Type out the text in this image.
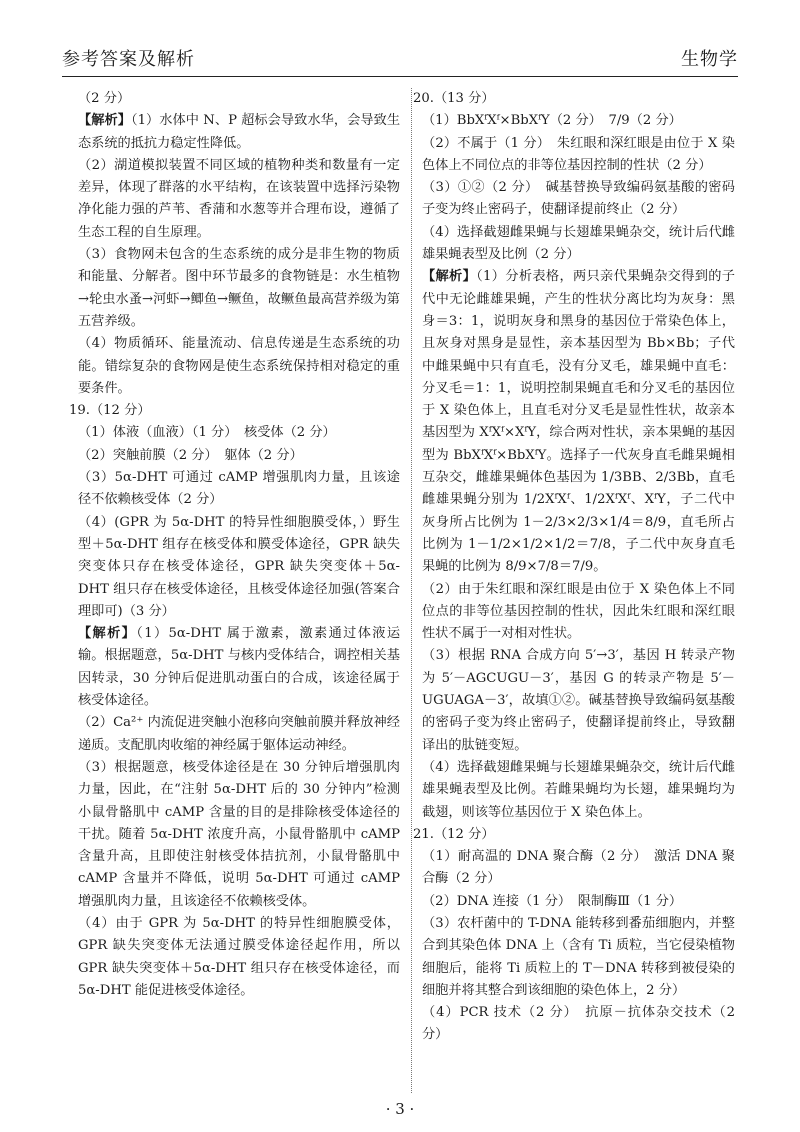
参考答案及解析	生物学

（2 分）

【解析】（1）水体中 N、P 超标会导致水华，会导致生态系统的抵抗力稳定性降低。

（2）湖道模拟装置不同区域的植物种类和数量有一定差异，体现了群落的水平结构，在该装置中选择污染物净化能力强的芦苇、香蒲和水葱等并合理布设，遵循了生态工程的自生原理。

（3）食物网未包含的生态系统的成分是非生物的物质和能量、分解者。图中环节最多的食物链是：水生植物→轮虫水蚤→河虾→鲫鱼→鳜鱼，故鳜鱼最高营养级为第五营养级。

（4）物质循环、能量流动、信息传递是生态系统的功能。错综复杂的食物网是使生态系统保持相对稳定的重要条件。

19.（12 分）

（1）体液（血液）（1 分）　核受体（2 分）

（2）突触前膜（2 分）　躯体（2 分）

（3）5α-DHT 可通过 cAMP 增强肌肉力量，且该途径不依赖核受体（2 分）

（4）(GPR 为 5α-DHT 的特异性细胞膜受体，）野生型＋5α-DHT 组存在核受体和膜受体途径，GPR 缺失突变体只存在核受体途径，GPR 缺失突变体＋5α-DHT 组只存在核受体途径，且核受体途径加强(答案合理即可)（3 分）

【解析】（1）5α-DHT 属于激素，激素通过体液运输。根据题意，5α-DHT 与核内受体结合，调控相关基因转录，30 分钟后促进肌动蛋白的合成，该途径属于核受体途径。

（2）Ca²⁺ 内流促进突触小泡移向突触前膜并释放神经递质。支配肌肉收缩的神经属于躯体运动神经。

（3）根据题意，核受体途径是在 30 分钟后增强肌肉力量，因此，在“注射 5α-DHT 后的 30 分钟内”检测小鼠骨骼肌中 cAMP 含量的目的是排除核受体途径的干扰。随着 5α-DHT 浓度升高，小鼠骨骼肌中 cAMP 含量升高，且即使注射核受体拮抗剂，小鼠骨骼肌中 cAMP 含量并不降低，说明 5α-DHT 可通过 cAMP 增强肌肉力量，且该途径不依赖核受体。

（4）由于 GPR 为 5α-DHT 的特异性细胞膜受体，GPR 缺失突变体无法通过膜受体途径起作用，所以 GPR 缺失突变体＋5α-DHT 组只存在核受体途径，而 5α-DHT 能促进核受体途径。

20.（13 分）

（1）BbXᶠXᶠ×BbXᶠY（2 分）　7/9（2 分）

（2）不属于（1 分）　朱红眼和深红眼是由位于 X 染色体上不同位点的非等位基因控制的性状（2 分）

（3）①②（2 分）　碱基替换导致编码氨基酸的密码子变为终止密码子，使翻译提前终止（2 分）

（4）选择截翅雌果蝇与长翅雄果蝇杂交，统计后代雌雄果蝇表型及比例（2 分）

【解析】（1）分析表格，两只亲代果蝇杂交得到的子代中无论雌雄果蝇，产生的性状分离比均为灰身：黑身＝3：1，说明灰身和黑身的基因位于常染色体上，且灰身对黑身是显性，亲本基因型为 Bb×Bb；子代中雌果蝇中只有直毛，没有分叉毛，雄果蝇中直毛：分叉毛＝1：1，说明控制果蝇直毛和分叉毛的基因位于 X 染色体上，且直毛对分叉毛是显性性状，故亲本基因型为 XᶠXᶠ×XᶠY，综合两对性状，亲本果蝇的基因型为 BbXᶠXᶠ×BbXᶠY。选择子一代灰身直毛雌果蝇相互杂交，雌雄果蝇体色基因为 1/3BB、2/3Bb，直毛雌雄果蝇分别为 1/2XᶠXᶠ、1/2XᶠXᶠ、XᶠY，子二代中灰身所占比例为 1－2/3×2/3×1/4＝8/9，直毛所占比例为 1－1/2×1/2×1/2＝7/8，子二代中灰身直毛果蝇的比例为 8/9×7/8＝7/9。

（2）由于朱红眼和深红眼是由位于 X 染色体上不同位点的非等位基因控制的性状，因此朱红眼和深红眼性状不属于一对相对性状。

（3）根据 RNA 合成方向 5′→3′，基因 H 转录产物为 5′－AGCUGU－3′，基因 G 的转录产物是 5′－UGUAGA－3′，故填①②。碱基替换导致编码氨基酸的密码子变为终止密码子，使翻译提前终止，导致翻译出的肽链变短。

（4）选择截翅雌果蝇与长翅雄果蝇杂交，统计后代雌雄果蝇表型及比例。若雌果蝇均为长翅，雄果蝇均为截翅，则该等位基因位于 X 染色体上。

21.（12 分）

（1）耐高温的 DNA 聚合酶（2 分）　激活 DNA 聚合酶（2 分）

（2）DNA 连接（1 分）　限制酶Ⅲ（1 分）

（3）农杆菌中的 T-DNA 能转移到番茄细胞内，并整合到其染色体 DNA 上（含有 Ti 质粒，当它侵染植物细胞后，能将 Ti 质粒上的 T－DNA 转移到被侵染的细胞并将其整合到该细胞的染色体上，2 分）

（4）PCR 技术（2 分）　抗原－抗体杂交技术（2 分）

· 3 ·
